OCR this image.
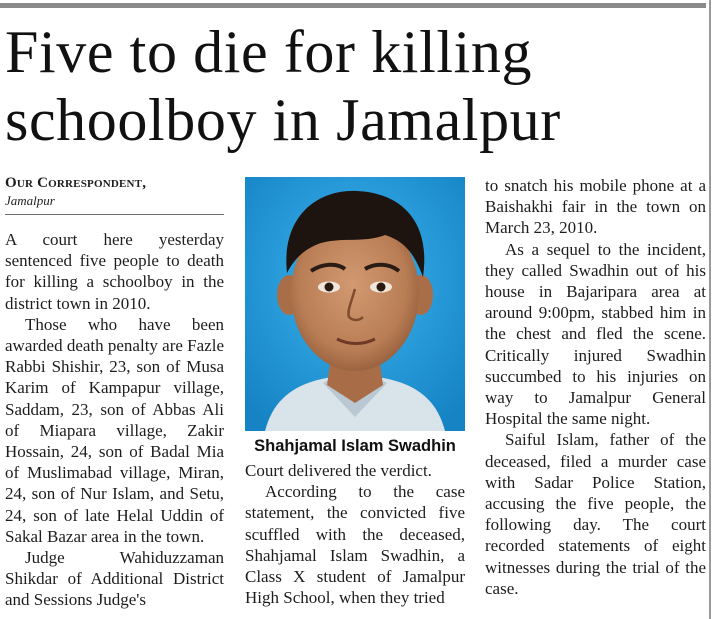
Five to die for killing
schoolboy in Jamalpur
Our Correspondent,
Jamalpur

A court here yesterday sentenced five people to death for killing a schoolboy in the district town in 2010.

Those who have been awarded death penalty are Fazle Rabbi Shishir, 23, son of Musa Karim of Kampapur village, Saddam, 23, son of Abbas Ali of Miapara village, Zakir Hossain, 24, son of Badal Mia of Muslimabad village, Miran, 24, son of Nur Islam, and Setu, 24, son of late Helal Uddin of Sakal Bazar area in the town.

Judge Wahiduzzaman Shikdar of Additional District and Sessions Judge's

Shahjamal Islam Swadhin

Court delivered the verdict.

According to the case statement, the convicted five scuffled with the deceased, Shahjamal Islam Swadhin, a Class X student of Jamalpur High School, when they tried

to snatch his mobile phone at a Baishakhi fair in the town on March 23, 2010.

As a sequel to the incident, they called Swadhin out of his house in Bajaripara area at around 9:00pm, stabbed him in the chest and fled the scene. Critically injured Swadhin succumbed to his injuries on way to Jamalpur General Hospital the same night.

Saiful Islam, father of the deceased, filed a murder case with Sadar Police Station, accusing the five people, the following day. The court recorded statements of eight witnesses during the trial of the case.
